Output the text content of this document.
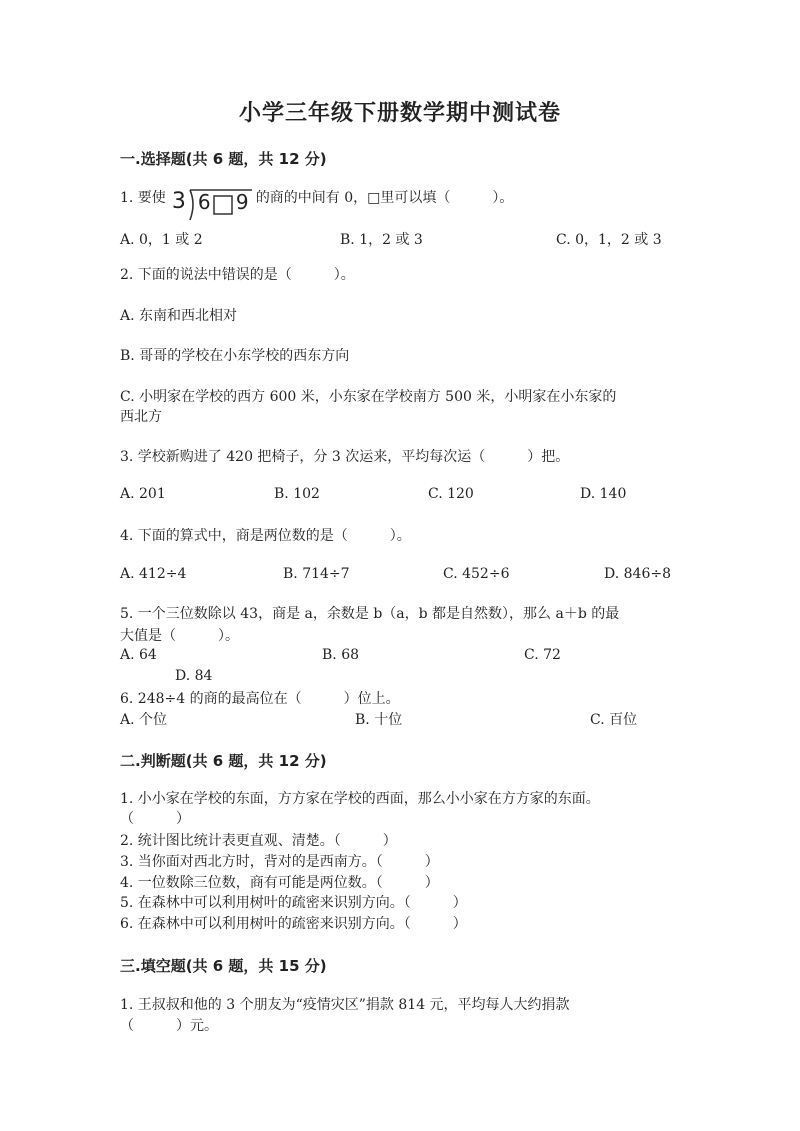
小学三年级下册数学期中测试卷
一.选择题(共 6 题，共 12 分)
1. 要使 3 6 9 的商的中间有 0，□里可以填（　　　）。
A. 0，1 或 2	B. 1，2 或 3	C. 0，1，2 或 3
2. 下面的说法中错误的是（　　　）。
A. 东南和西北相对
B. 哥哥的学校在小东学校的西东方向
C. 小明家在学校的西方 600 米，小东家在学校南方 500 米，小明家在小东家的
西北方
3. 学校新购进了 420 把椅子，分 3 次运来，平均每次运（　　　）把。
A. 201	B. 102	C. 120	D. 140
4. 下面的算式中，商是两位数的是（　　　）。
A. 412÷4	B. 714÷7	C. 452÷6	D. 846÷8
5. 一个三位数除以 43，商是 a，余数是 b（a，b 都是自然数），那么 a＋b 的最
大值是（　　　）。
A. 64	B. 68	C. 72
D. 84
6. 248÷4 的商的最高位在（　　　）位上。
A. 个位	B. 十位	C. 百位
二.判断题(共 6 题，共 12 分)
1. 小小家在学校的东面，方方家在学校的西面，那么小小家在方方家的东面。
（　　　）
2. 统计图比统计表更直观、清楚。（　　　）
3. 当你面对西北方时，背对的是西南方。（　　　）
4. 一位数除三位数，商有可能是两位数。（　　　）
5. 在森林中可以利用树叶的疏密来识别方向。（　　　）
6. 在森林中可以利用树叶的疏密来识别方向。（　　　）
三.填空题(共 6 题，共 15 分)
1. 王叔叔和他的 3 个朋友为“疫情灾区”捐款 814 元，平均每人大约捐款
（　　　）元。
